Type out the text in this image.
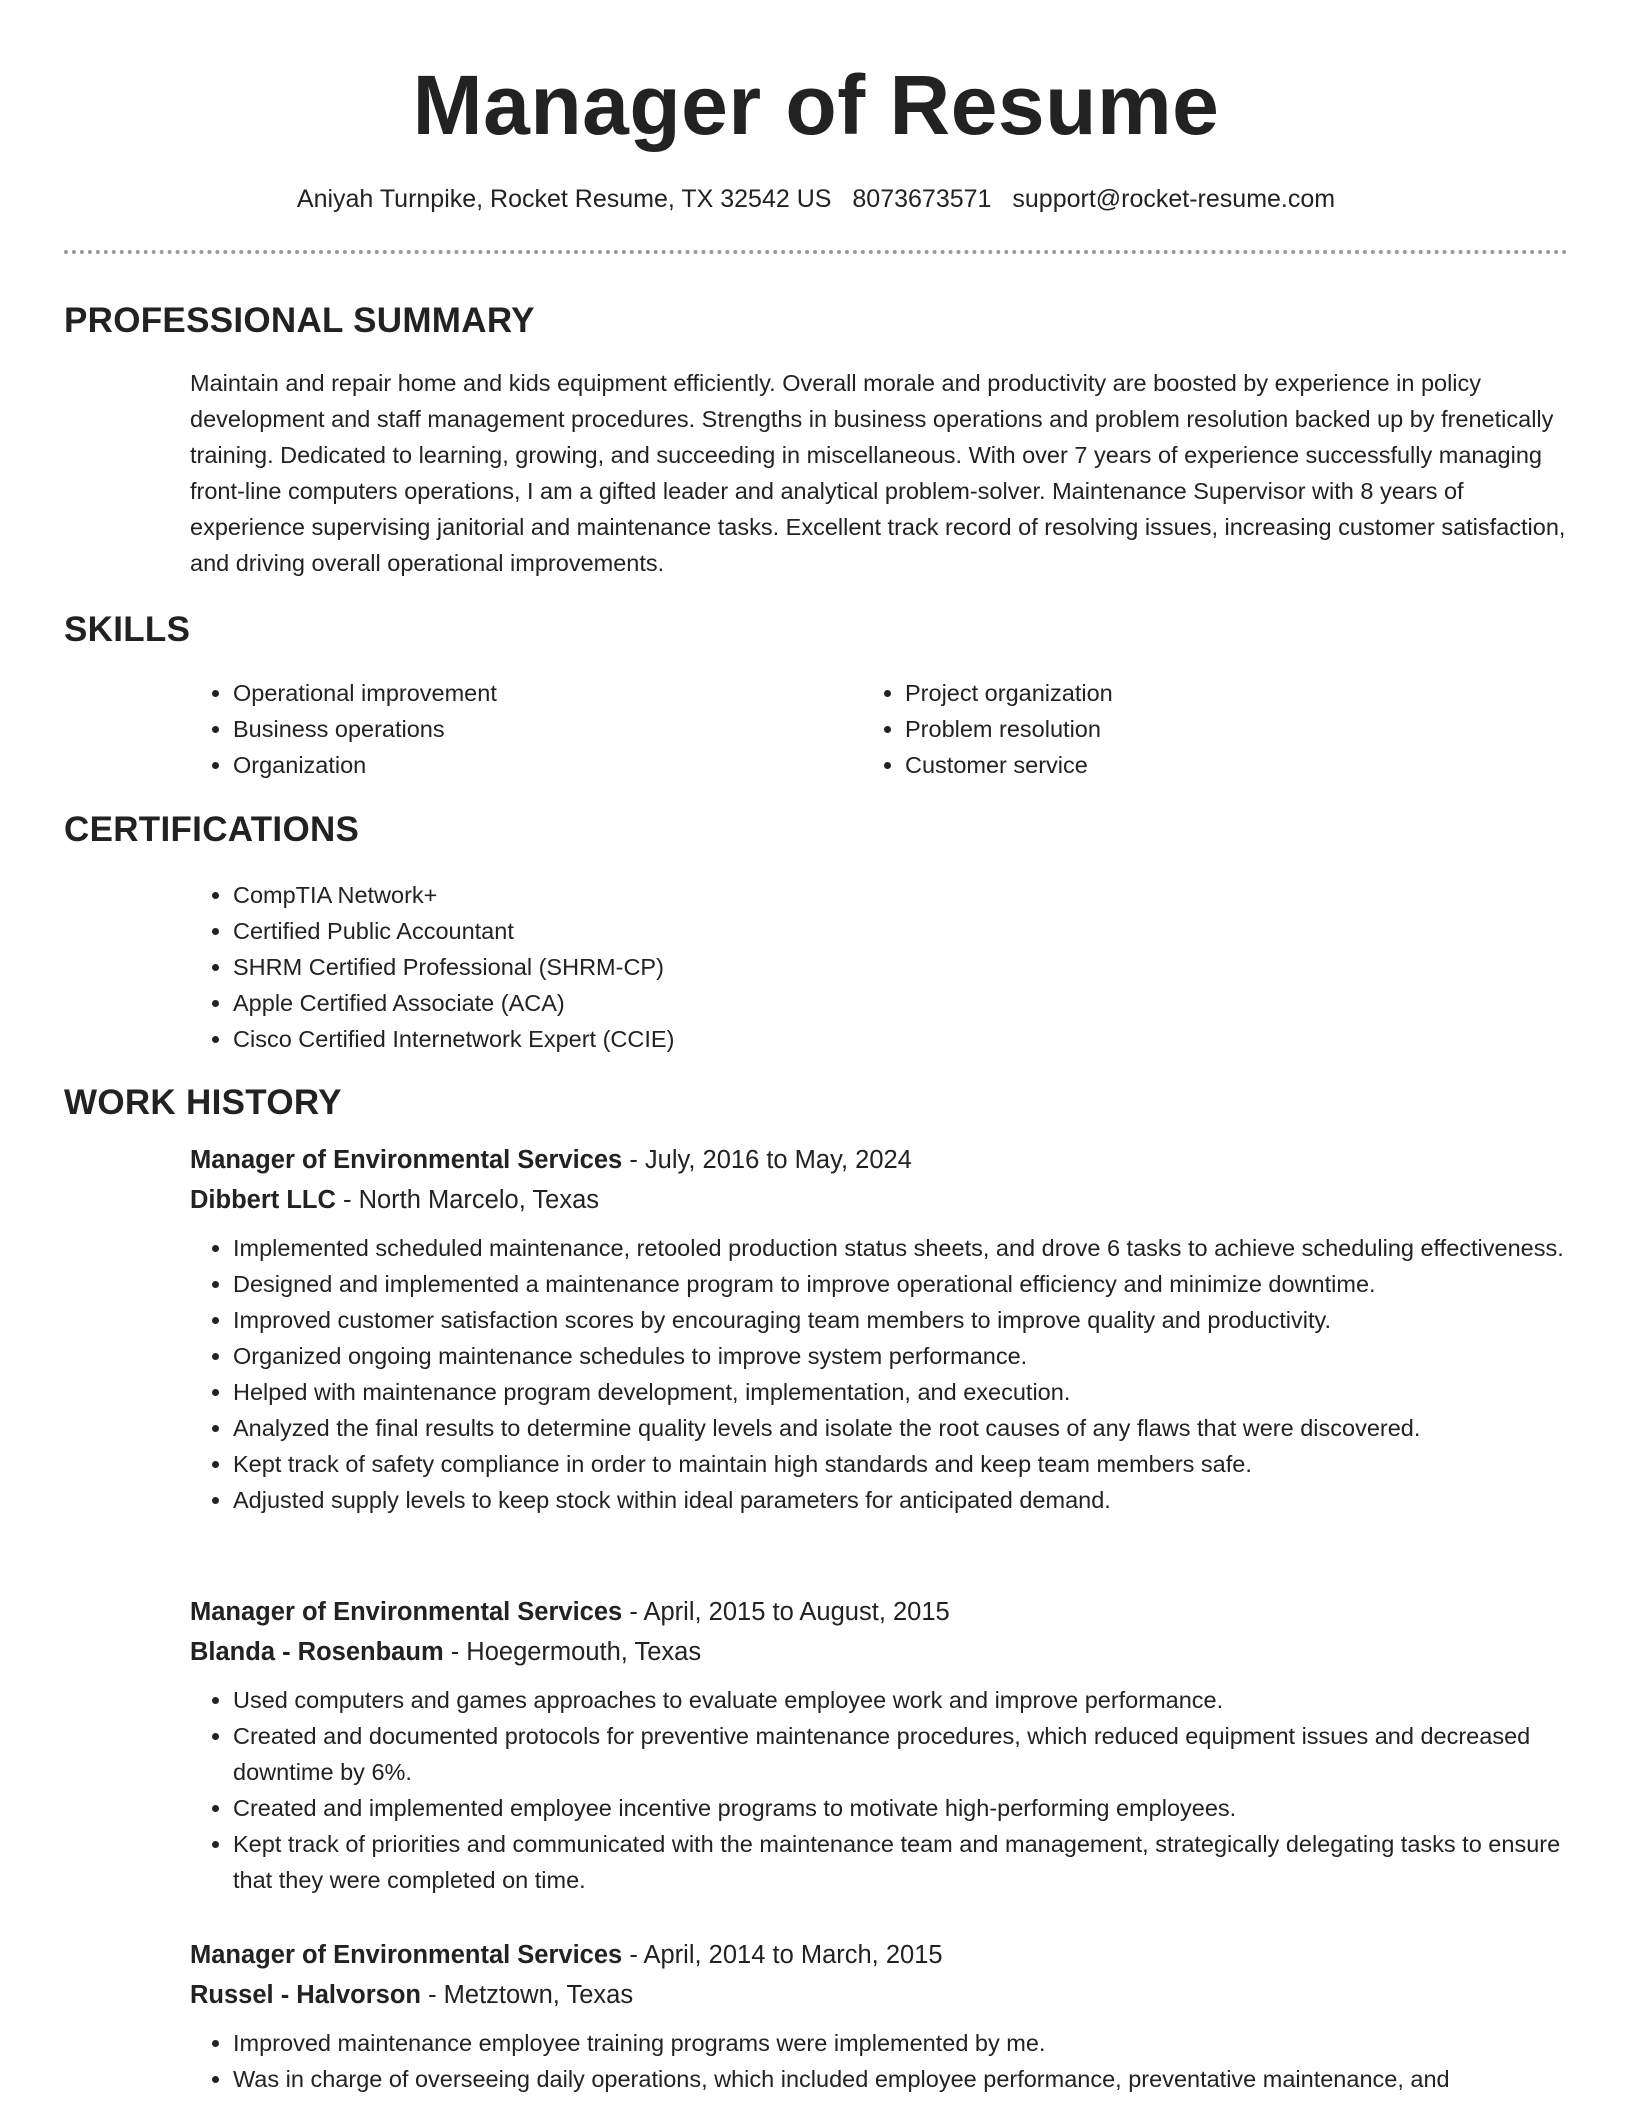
Manager of Resume
Aniyah Turnpike, Rocket Resume, TX 32542 US 8073673571 support@rocket-resume.com
PROFESSIONAL SUMMARY
Maintain and repair home and kids equipment efficiently. Overall morale and productivity are boosted by experience in policy development and staff management procedures. Strengths in business operations and problem resolution backed up by frenetically training. Dedicated to learning, growing, and succeeding in miscellaneous. With over 7 years of experience successfully managing front-line computers operations, I am a gifted leader and analytical problem-solver. Maintenance Supervisor with 8 years of experience supervising janitorial and maintenance tasks. Excellent track record of resolving issues, increasing customer satisfaction, and driving overall operational improvements.
SKILLS
• Operational improvement
• Business operations
• Organization
• Project organization
• Problem resolution
• Customer service
CERTIFICATIONS
• CompTIA Network+
• Certified Public Accountant
• SHRM Certified Professional (SHRM-CP)
• Apple Certified Associate (ACA)
• Cisco Certified Internetwork Expert (CCIE)
WORK HISTORY
Manager of Environmental Services - July, 2016 to May, 2024
Dibbert LLC - North Marcelo, Texas
• Implemented scheduled maintenance, retooled production status sheets, and drove 6 tasks to achieve scheduling effectiveness.
• Designed and implemented a maintenance program to improve operational efficiency and minimize downtime.
• Improved customer satisfaction scores by encouraging team members to improve quality and productivity.
• Organized ongoing maintenance schedules to improve system performance.
• Helped with maintenance program development, implementation, and execution.
• Analyzed the final results to determine quality levels and isolate the root causes of any flaws that were discovered.
• Kept track of safety compliance in order to maintain high standards and keep team members safe.
• Adjusted supply levels to keep stock within ideal parameters for anticipated demand.
Manager of Environmental Services - April, 2015 to August, 2015
Blanda - Rosenbaum - Hoegermouth, Texas
• Used computers and games approaches to evaluate employee work and improve performance.
• Created and documented protocols for preventive maintenance procedures, which reduced equipment issues and decreased downtime by 6%.
• Created and implemented employee incentive programs to motivate high-performing employees.
• Kept track of priorities and communicated with the maintenance team and management, strategically delegating tasks to ensure that they were completed on time.
Manager of Environmental Services - April, 2014 to March, 2015
Russel - Halvorson - Metztown, Texas
• Improved maintenance employee training programs were implemented by me.
• Was in charge of overseeing daily operations, which included employee performance, preventative maintenance, and
